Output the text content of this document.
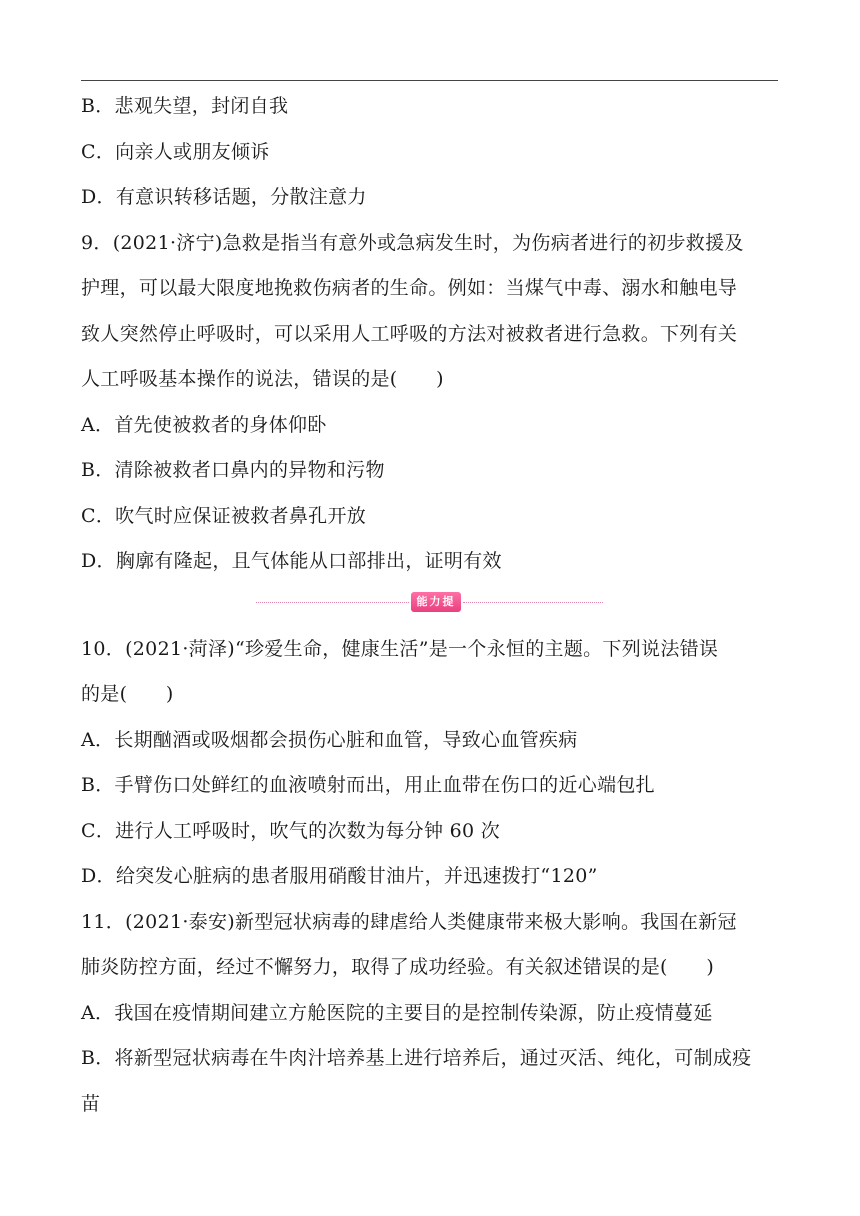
B．悲观失望，封闭自我
C．向亲人或朋友倾诉
D．有意识转移话题，分散注意力
9．(2021·济宁)急救是指当有意外或急病发生时，为伤病者进行的初步救援及
护理，可以最大限度地挽救伤病者的生命。例如：当煤气中毒、溺水和触电导
致人突然停止呼吸时，可以采用人工呼吸的方法对被救者进行急救。下列有关
人工呼吸基本操作的说法，错误的是(　　)
A．首先使被救者的身体仰卧
B．清除被救者口鼻内的异物和污物
C．吹气时应保证被救者鼻孔开放
D．胸廓有隆起，且气体能从口部排出，证明有效
能力提升
10．(2021·菏泽)“珍爱生命，健康生活”是一个永恒的主题。下列说法错误
的是(　　)
A．长期酗酒或吸烟都会损伤心脏和血管，导致心血管疾病
B．手臂伤口处鲜红的血液喷射而出，用止血带在伤口的近心端包扎
C．进行人工呼吸时，吹气的次数为每分钟 60 次
D．给突发心脏病的患者服用硝酸甘油片，并迅速拨打“120”
11．(2021·泰安)新型冠状病毒的肆虐给人类健康带来极大影响。我国在新冠
肺炎防控方面，经过不懈努力，取得了成功经验。有关叙述错误的是(　　)
A．我国在疫情期间建立方舱医院的主要目的是控制传染源，防止疫情蔓延
B．将新型冠状病毒在牛肉汁培养基上进行培养后，通过灭活、纯化，可制成疫
苗
